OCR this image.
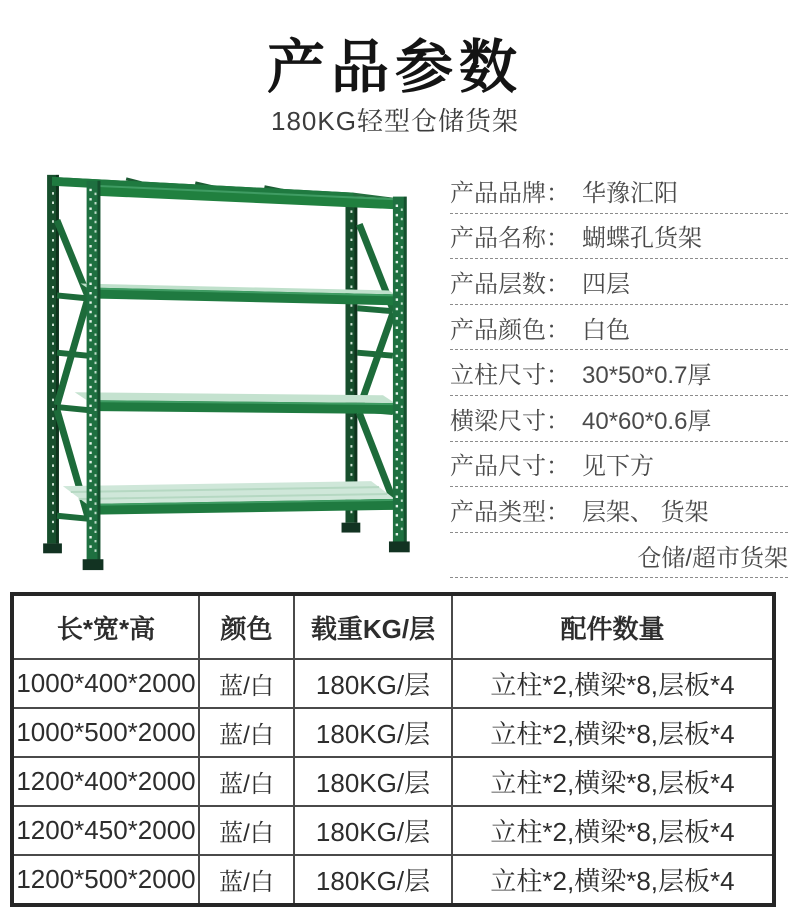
产品参数
180KG轻型仓储货架
产品品牌： 华豫汇阳
产品名称： 蝴蝶孔货架
产品层数： 四层
产品颜色： 白色
立柱尺寸： 30*50*0.7厚
横梁尺寸： 40*60*0.6厚
产品尺寸： 见下方
产品类型： 层架、 货架
仓储/超市货架
长*宽*高	颜色	载重KG/层	配件数量
1000*400*2000	蓝/白	180KG/层	立柱*2,横梁*8,层板*4
1000*500*2000	蓝/白	180KG/层	立柱*2,横梁*8,层板*4
1200*400*2000	蓝/白	180KG/层	立柱*2,横梁*8,层板*4
1200*450*2000	蓝/白	180KG/层	立柱*2,横梁*8,层板*4
1200*500*2000	蓝/白	180KG/层	立柱*2,横梁*8,层板*4
